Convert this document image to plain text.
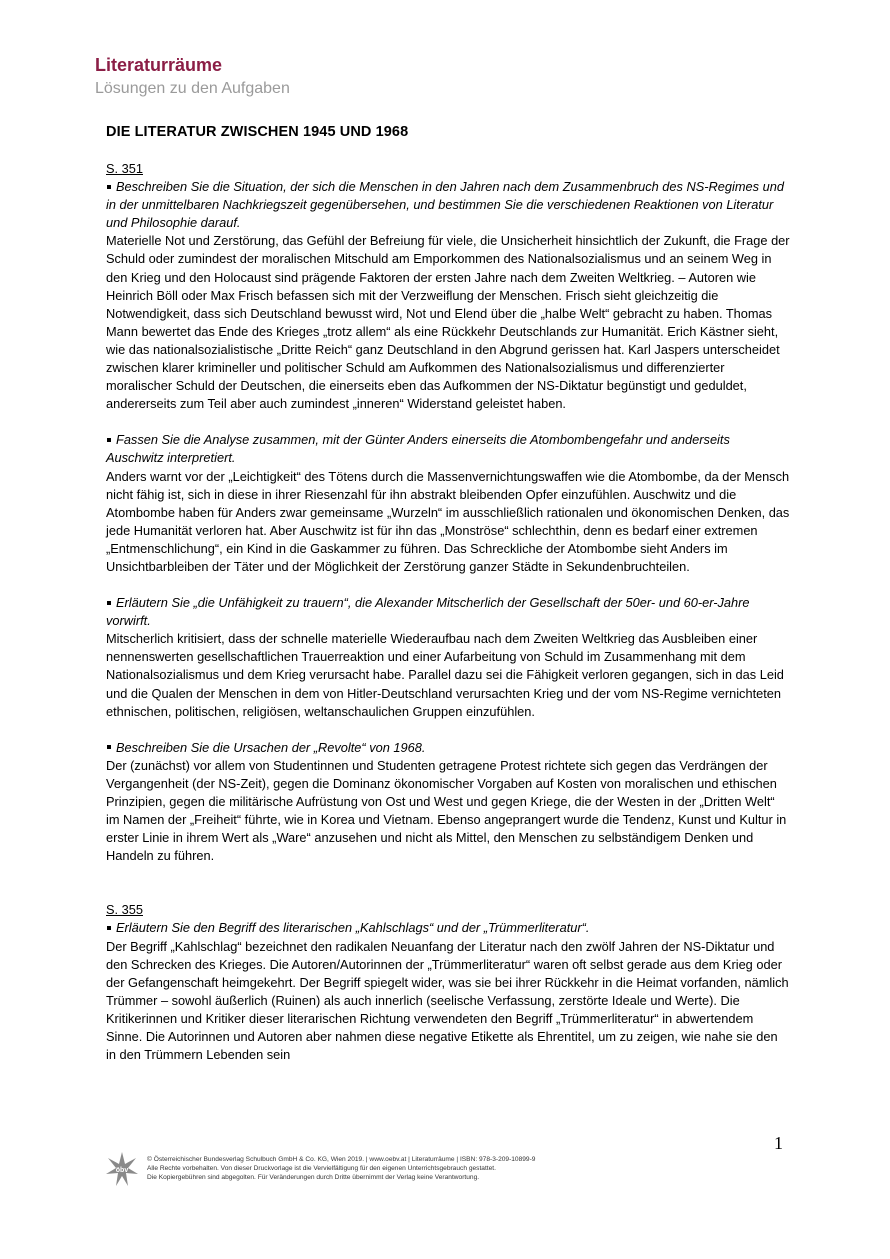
Literaturräume
Lösungen zu den Aufgaben
DIE LITERATUR ZWISCHEN 1945 UND 1968
S. 351
Beschreiben Sie die Situation, der sich die Menschen in den Jahren nach dem Zusammenbruch des NS-Regimes und in der unmittelbaren Nachkriegszeit gegenübersehen, und bestimmen Sie die verschiedenen Reaktionen von Literatur und Philosophie darauf.
Materielle Not und Zerstörung, das Gefühl der Befreiung für viele, die Unsicherheit hinsichtlich der Zukunft, die Frage der Schuld oder zumindest der moralischen Mitschuld am Emporkommen des Nationalsozialismus und an seinem Weg in den Krieg und den Holocaust sind prägende Faktoren der ersten Jahre nach dem Zweiten Weltkrieg. – Autoren wie Heinrich Böll oder Max Frisch befassen sich mit der Verzweiflung der Menschen. Frisch sieht gleichzeitig die Notwendigkeit, dass sich Deutschland bewusst wird, Not und Elend über die „halbe Welt“ gebracht zu haben. Thomas Mann bewertet das Ende des Krieges „trotz allem“ als eine Rückkehr Deutschlands zur Humanität. Erich Kästner sieht, wie das nationalsozialistische „Dritte Reich“ ganz Deutschland in den Abgrund gerissen hat. Karl Jaspers unterscheidet zwischen klarer krimineller und politischer Schuld am Aufkommen des Nationalsozialismus und differenzierter moralischer Schuld der Deutschen, die einerseits eben das Aufkommen der NS-Diktatur begünstigt und geduldet, andererseits zum Teil aber auch zumindest „inneren“ Widerstand geleistet haben.
Fassen Sie die Analyse zusammen, mit der Günter Anders einerseits die Atombombengefahr und anderseits Auschwitz interpretiert.
Anders warnt vor der „Leichtigkeit“ des Tötens durch die Massenvernichtungswaffen wie die Atombombe, da der Mensch nicht fähig ist, sich in diese in ihrer Riesenzahl für ihn abstrakt bleibenden Opfer einzufühlen. Auschwitz und die Atombombe haben für Anders zwar gemeinsame „Wurzeln“ im ausschließlich rationalen und ökonomischen Denken, das jede Humanität verloren hat. Aber Auschwitz ist für ihn das „Monströse“ schlechthin, denn es bedarf einer extremen „Entmenschlichung“, ein Kind in die Gaskammer zu führen. Das Schreckliche der Atombombe sieht Anders im Unsichtbarbleiben der Täter und der Möglichkeit der Zerstörung ganzer Städte in Sekundenbruchteilen.
Erläutern Sie „die Unfähigkeit zu trauern“, die Alexander Mitscherlich der Gesellschaft der 50er- und 60-er-Jahre vorwirft.
Mitscherlich kritisiert, dass der schnelle materielle Wiederaufbau nach dem Zweiten Weltkrieg das Ausbleiben einer nennenswerten gesellschaftlichen Trauerreaktion und einer Aufarbeitung von Schuld im Zusammenhang mit dem Nationalsozialismus und dem Krieg verursacht habe. Parallel dazu sei die Fähigkeit verloren gegangen, sich in das Leid und die Qualen der Menschen in dem von Hitler-Deutschland verursachten Krieg und der vom NS-Regime vernichteten ethnischen, politischen, religiösen, weltanschaulichen Gruppen einzufühlen.
Beschreiben Sie die Ursachen der „Revolte“ von 1968.
Der (zunächst) vor allem von Studentinnen und Studenten getragene Protest richtete sich gegen das Verdrängen der Vergangenheit (der NS-Zeit), gegen die Dominanz ökonomischer Vorgaben auf Kosten von moralischen und ethischen Prinzipien, gegen die militärische Aufrüstung von Ost und West und gegen Kriege, die der Westen in der „Dritten Welt“ im Namen der „Freiheit“ führte, wie in Korea und Vietnam. Ebenso angeprangert wurde die Tendenz, Kunst und Kultur in erster Linie in ihrem Wert als „Ware“ anzusehen und nicht als Mittel, den Menschen zu selbständigem Denken und Handeln zu führen.
S. 355
Erläutern Sie den Begriff des literarischen „Kahlschlags“ und der „Trümmerliteratur“.
Der Begriff „Kahlschlag“ bezeichnet den radikalen Neuanfang der Literatur nach den zwölf Jahren der NS-Diktatur und den Schrecken des Krieges. Die Autoren/Autorinnen der „Trümmerliteratur“ waren oft selbst gerade aus dem Krieg oder der Gefangenschaft heimgekehrt. Der Begriff spiegelt wider, was sie bei ihrer Rückkehr in die Heimat vorfanden, nämlich Trümmer – sowohl äußerlich (Ruinen) als auch innerlich (seelische Verfassung, zerstörte Ideale und Werte). Die Kritikerinnen und Kritiker dieser literarischen Richtung verwendeten den Begriff „Trümmerliteratur“ in abwertendem Sinne. Die Autorinnen und Autoren aber nahmen diese negative Etikette als Ehrentitel, um zu zeigen, wie nahe sie den in den Trümmern Lebenden sein
1
öbv
© Österreichischer Bundesverlag Schulbuch GmbH & Co. KG, Wien 2019. | www.oebv.at | Literaturräume | ISBN: 978-3-209-10899-9
Alle Rechte vorbehalten. Von dieser Druckvorlage ist die Vervielfältigung für den eigenen Unterrichtsgebrauch gestattet.
Die Kopiergebühren sind abgegolten. Für Veränderungen durch Dritte übernimmt der Verlag keine Verantwortung.
